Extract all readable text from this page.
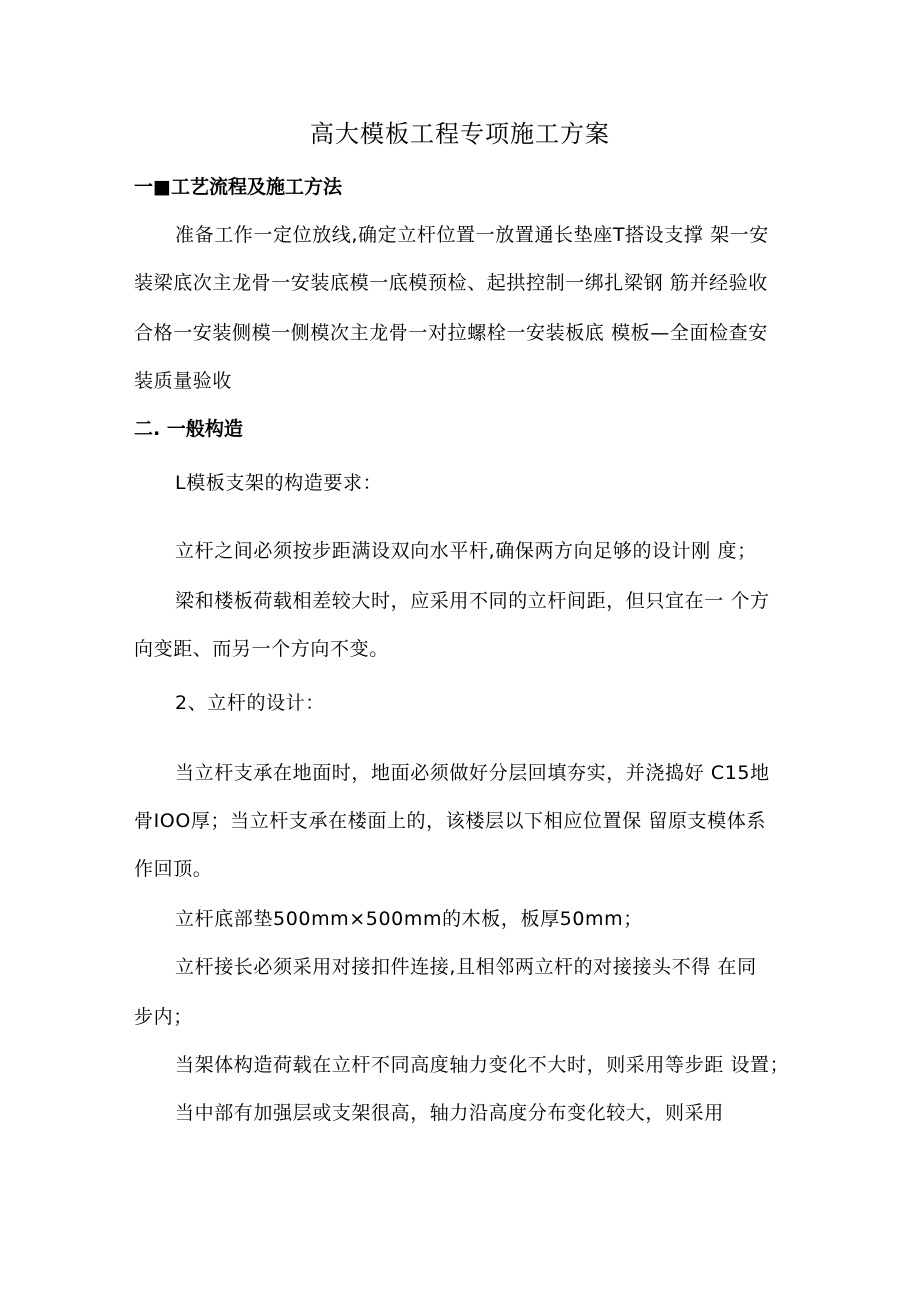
高大模板工程专项施工方案
一■工艺流程及施工方法
准备工作一定位放线,确定立杆位置一放置通长垫座T搭设支撑 架一安
装梁底次主龙骨一安装底模一底模预检、起拱控制一绑扎梁钢 筋并经验收
合格一安装侧模一侧模次主龙骨一对拉螺栓一安装板底 模板—全面检查安
装质量验收
二. 一般构造
L模板支架的构造要求：
立杆之间必须按步距满设双向水平杆,确保两方向足够的设计刚 度；
梁和楼板荷载相差较大时，应采用不同的立杆间距，但只宜在一 个方
向变距、而另一个方向不变。
2、立杆的设计：
当立杆支承在地面时，地面必须做好分层回填夯实，并浇捣好 C15地
骨IOO厚；当立杆支承在楼面上的，该楼层以下相应位置保 留原支模体系
作回顶。
立杆底部垫500mm×500mm的木板，板厚50mm；
立杆接长必须采用对接扣件连接,且相邻两立杆的对接接头不得 在同
步内；
当架体构造荷载在立杆不同高度轴力变化不大时，则采用等步距 设置；
当中部有加强层或支架很高，轴力沿高度分布变化较大，则采用
